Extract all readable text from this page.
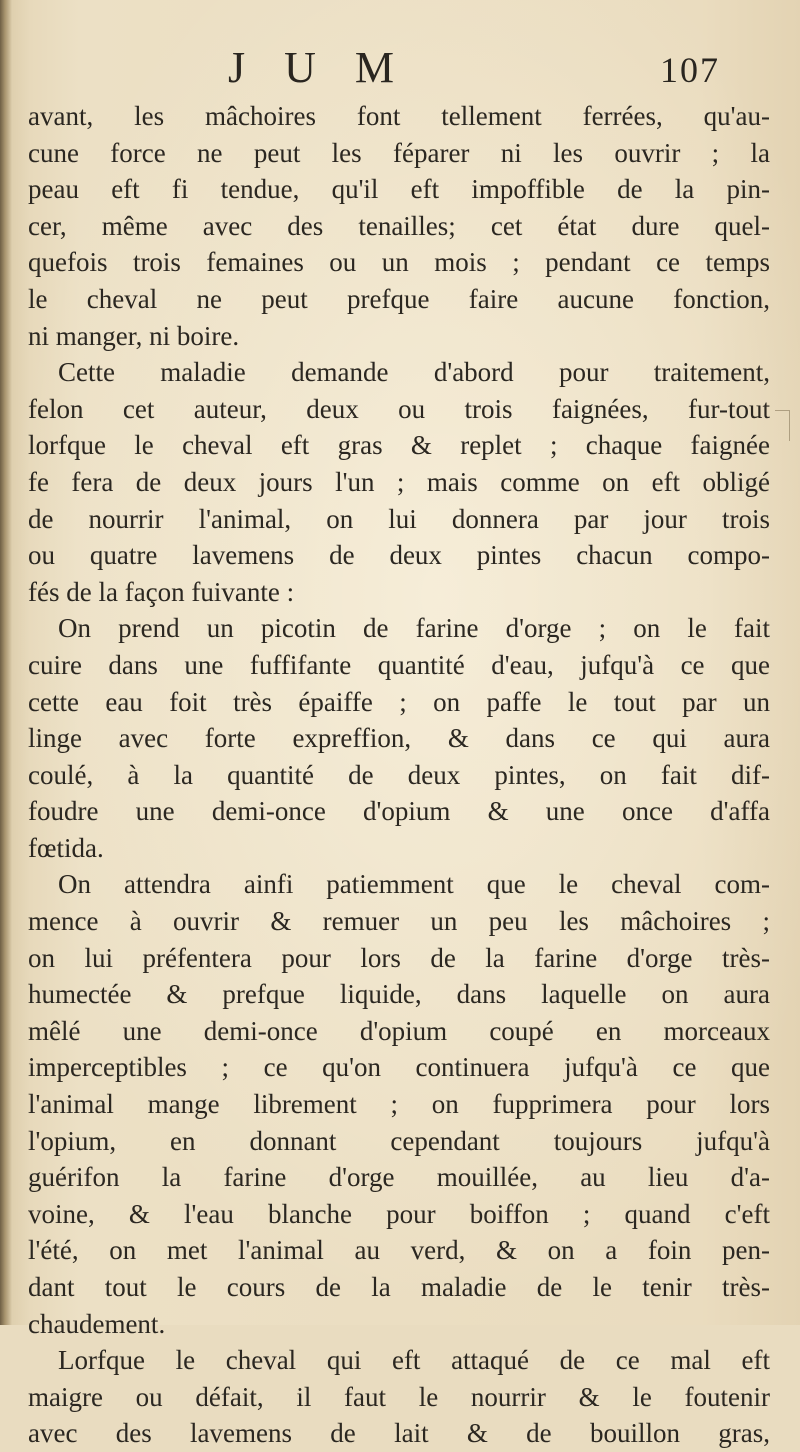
J U M	107
avant, les mâchoires font tellement ferrées, qu'au-
cune force ne peut les féparer ni les ouvrir ; la
peau eft fi tendue, qu'il eft impoffible de la pin-
cer, même avec des tenailles; cet état dure quel-
quefois trois femaines ou un mois ; pendant ce temps
le cheval ne peut prefque faire aucune fonction,
ni manger, ni boire.
Cette maladie demande d'abord pour traitement,
felon cet auteur, deux ou trois faignées, fur-tout
lorfque le cheval eft gras & replet ; chaque faignée
fe fera de deux jours l'un ; mais comme on eft obligé
de nourrir l'animal, on lui donnera par jour trois
ou quatre lavemens de deux pintes chacun compo-
fés de la façon fuivante :
On prend un picotin de farine d'orge ; on le fait
cuire dans une fuffifante quantité d'eau, jufqu'à ce que
cette eau foit très épaiffe ; on paffe le tout par un
linge avec forte expreffion, & dans ce qui aura
coulé, à la quantité de deux pintes, on fait dif-
foudre une demi-once d'opium & une once d'affa
fœtida.
On attendra ainfi patiemment que le cheval com-
mence à ouvrir & remuer un peu les mâchoires ;
on lui préfentera pour lors de la farine d'orge très-
humectée & prefque liquide, dans laquelle on aura
mêlé une demi-once d'opium coupé en morceaux
imperceptibles ; ce qu'on continuera jufqu'à ce que
l'animal mange librement ; on fupprimera pour lors
l'opium, en donnant cependant toujours jufqu'à
guérifon la farine d'orge mouillée, au lieu d'a-
voine, & l'eau blanche pour boiffon ; quand c'eft
l'été, on met l'animal au verd, & on a foin pen-
dant tout le cours de la maladie de le tenir très-
chaudement.
Lorfque le cheval qui eft attaqué de ce mal eft
maigre ou défait, il faut le nourrir & le foutenir
avec des lavemens de lait & de bouillon gras,
